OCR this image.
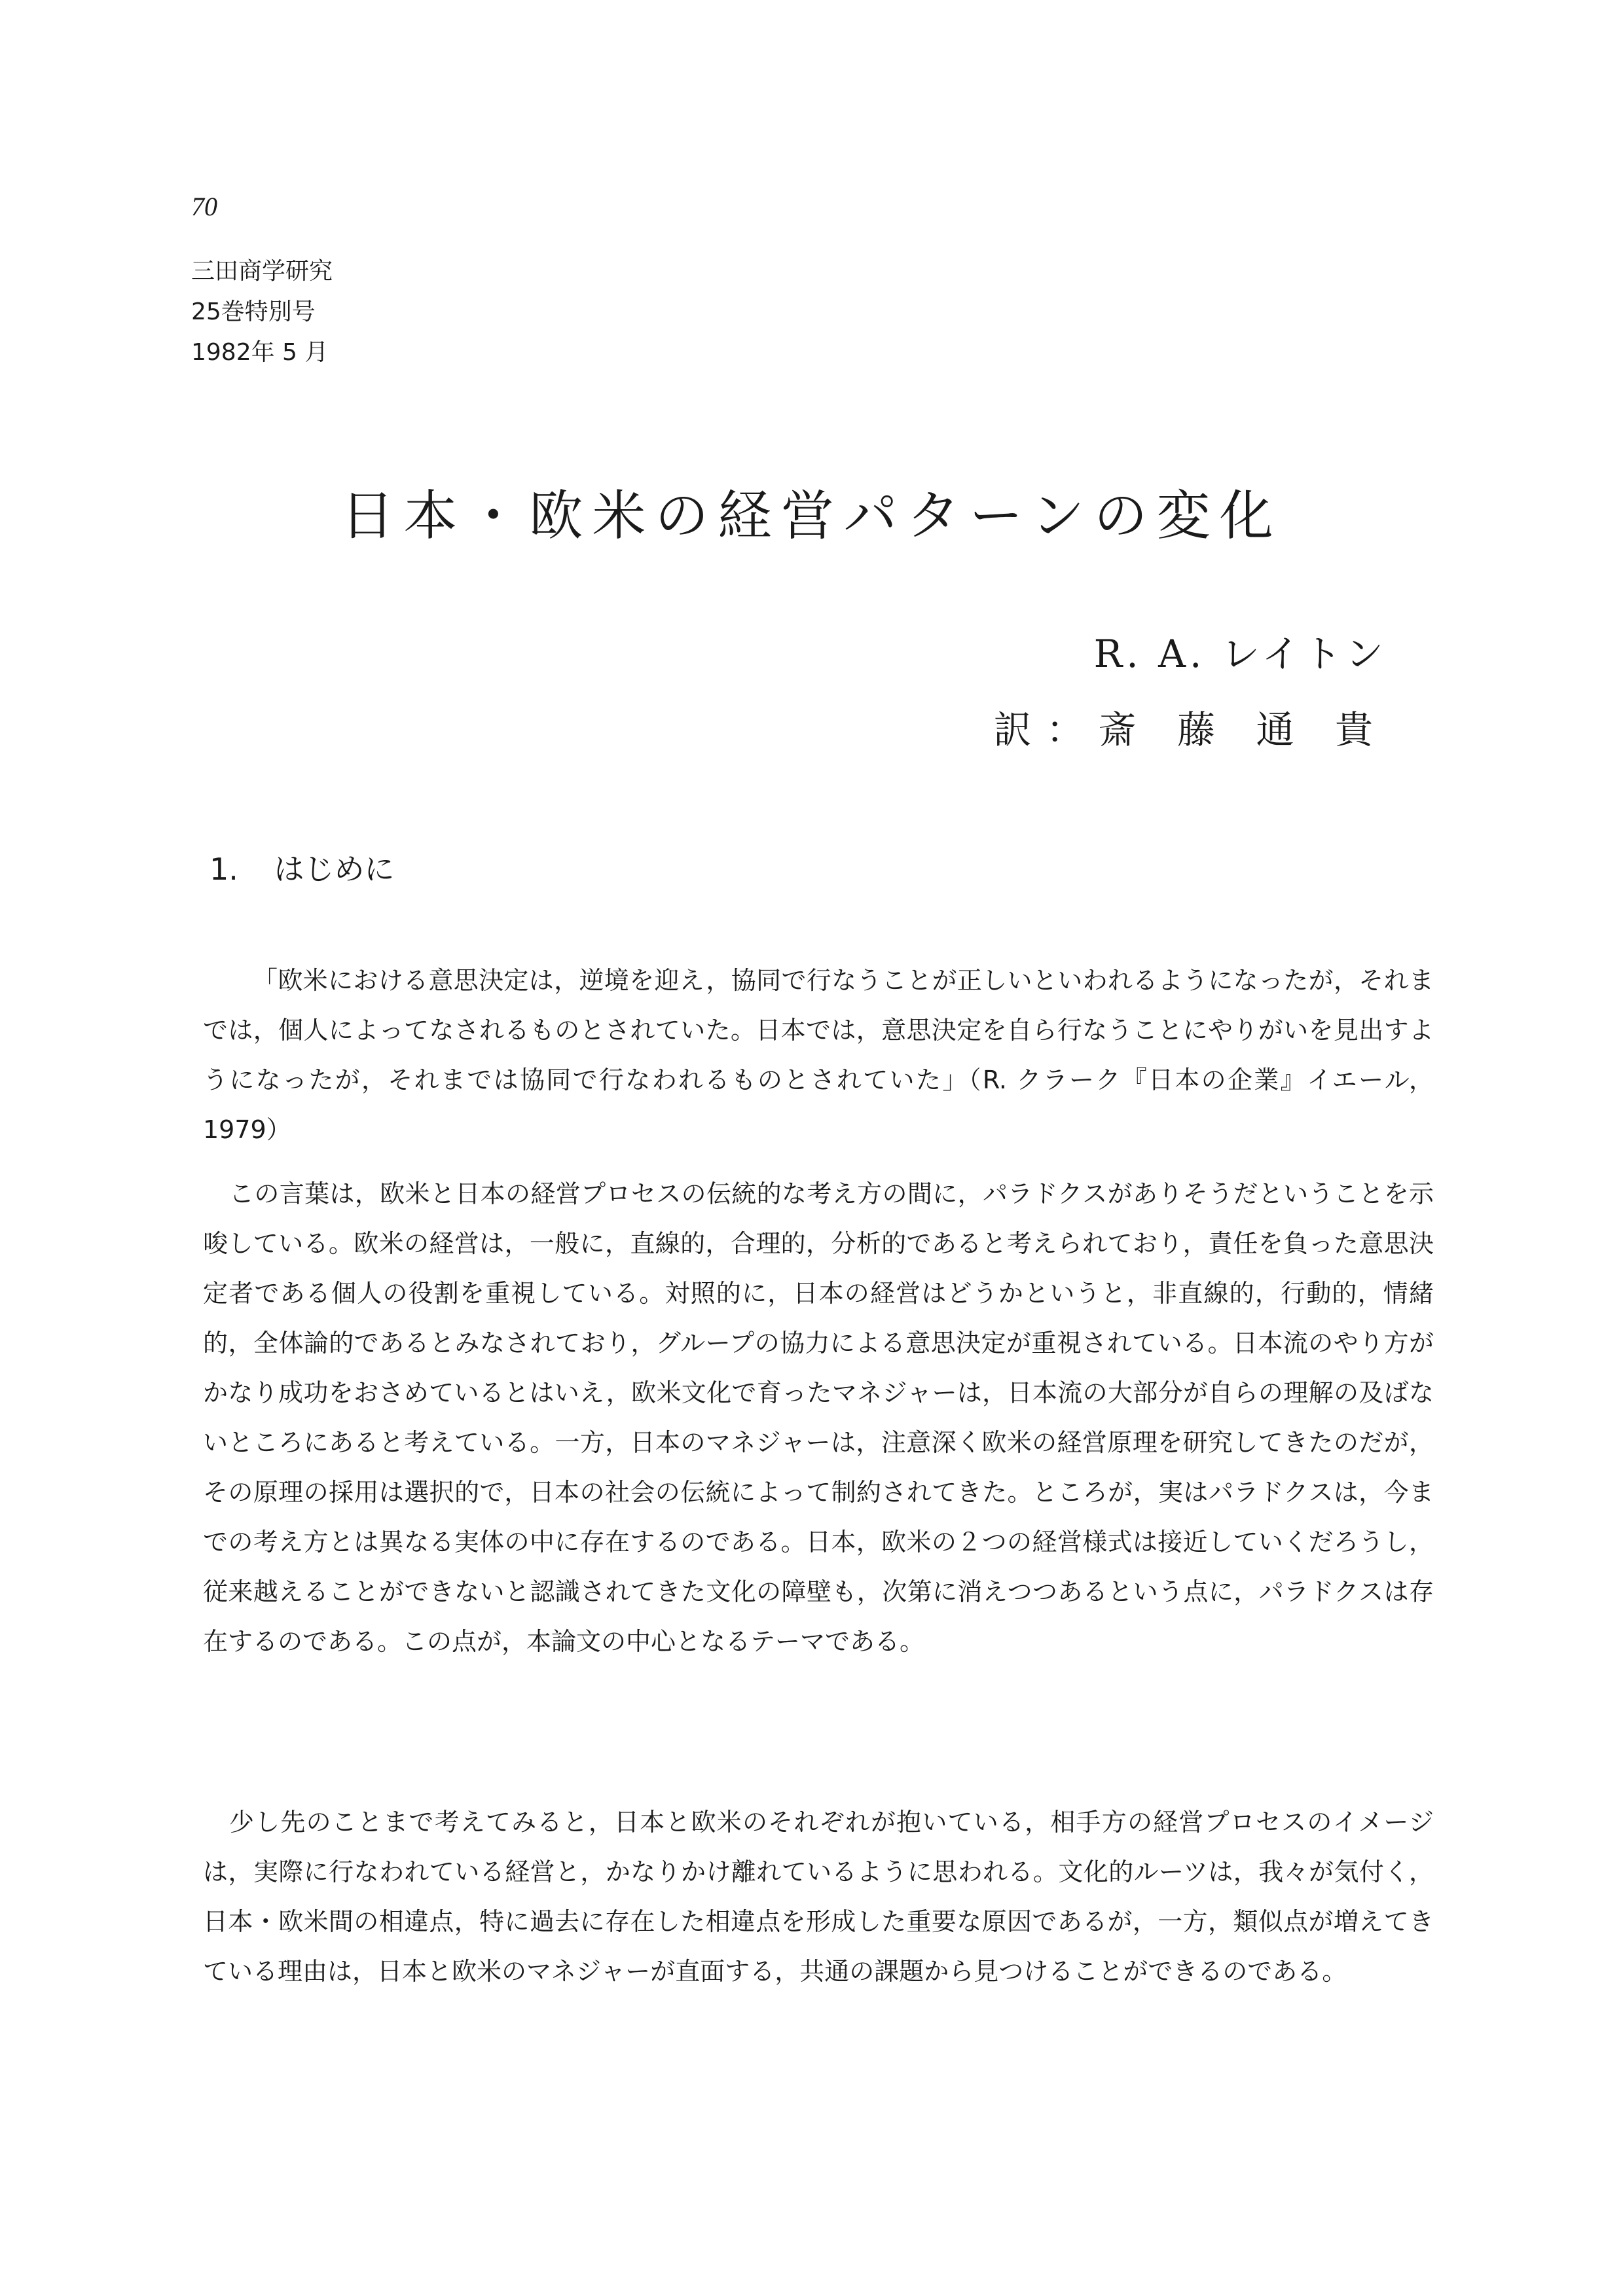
70
三田商学研究
25巻特別号
1982年 5 月
日本・欧米の経営パターンの変化
R. A. レイトン
訳：斎 藤 通 貴
1. はじめに

「欧米における意思決定は，逆境を迎え，協同で行なうことが正しいといわれるようになったが，それまでは，個人によってなされるものとされていた。日本では，意思決定を自ら行なうことにやりがいを見出すようになったが，それまでは協同で行なわれるものとされていた」（R. クラーク『日本の企業』イエール，1979）

この言葉は，欧米と日本の経営プロセスの伝統的な考え方の間に，パラドクスがありそうだということを示唆している。欧米の経営は，一般に，直線的，合理的，分析的であると考えられており，責任を負った意思決定者である個人の役割を重視している。対照的に，日本の経営はどうかというと，非直線的，行動的，情緒的，全体論的であるとみなされており，グループの協力による意思決定が重視されている。日本流のやり方がかなり成功をおさめているとはいえ，欧米文化で育ったマネジャーは，日本流の大部分が自らの理解の及ばないところにあると考えている。一方，日本のマネジャーは，注意深く欧米の経営原理を研究してきたのだが，その原理の採用は選択的で，日本の社会の伝統によって制約されてきた。ところが，実はパラドクスは，今までの考え方とは異なる実体の中に存在するのである。日本，欧米の２つの経営様式は接近していくだろうし，従来越えることができないと認識されてきた文化の障壁も，次第に消えつつあるという点に，パラドクスは存在するのである。この点が，本論文の中心となるテーマである。

少し先のことまで考えてみると，日本と欧米のそれぞれが抱いている，相手方の経営プロセスのイメージは，実際に行なわれている経営と，かなりかけ離れているように思われる。文化的ルーツは，我々が気付く，日本・欧米間の相違点，特に過去に存在した相違点を形成した重要な原因であるが，一方，類似点が増えてきている理由は，日本と欧米のマネジャーが直面する，共通の課題から見つけることができるのである。
